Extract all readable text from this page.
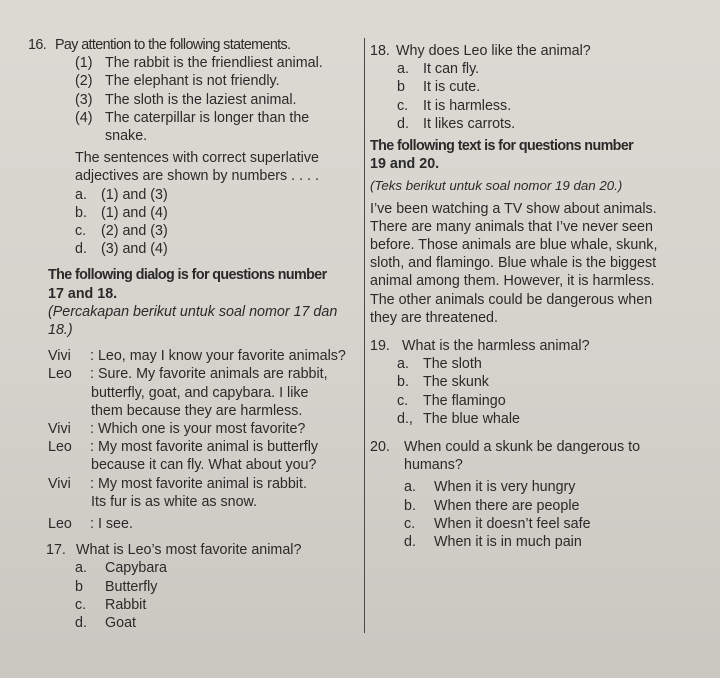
16. Pay attention to the following statements.
(1) The rabbit is the friendliest animal.
(2) The elephant is not friendly.
(3) The sloth is the laziest animal.
(4) The caterpillar is longer than the
snake.
The sentences with correct superlative
adjectives are shown by numbers . . . .
a. (1) and (3)
b. (1) and (4)
c. (2) and (3)
d. (3) and (4)
The following dialog is for questions number
17 and 18.
(Percakapan berikut untuk soal nomor 17 dan
18.)
Vivi : Leo, may I know your favorite animals?
Leo : Sure. My favorite animals are rabbit,
butterfly, goat, and capybara. I like
them because they are harmless.
Vivi : Which one is your most favorite?
Leo : My most favorite animal is butterfly
because it can fly. What about you?
Vivi : My most favorite animal is rabbit.
Its fur is as white as snow.
Leo : I see.
17. What is Leo’s most favorite animal?
a. Capybara
b Butterfly
c. Rabbit
d. Goat
18. Why does Leo like the animal?
a. It can fly.
b It is cute.
c. It is harmless.
d. It likes carrots.
The following text is for questions number
19 and 20.
(Teks berikut untuk soal nomor 19 dan 20.)
I’ve been watching a TV show about animals.
There are many animals that I’ve never seen
before. Those animals are blue whale, skunk,
sloth, and flamingo. Blue whale is the biggest
animal among them. However, it is harmless.
The other animals could be dangerous when
they are threatened.
19. What is the harmless animal?
a. The sloth
b. The skunk
c. The flamingo
d., The blue whale
20. When could a skunk be dangerous to
humans?
a. When it is very hungry
b. When there are people
c. When it doesn’t feel safe
d. When it is in much pain
